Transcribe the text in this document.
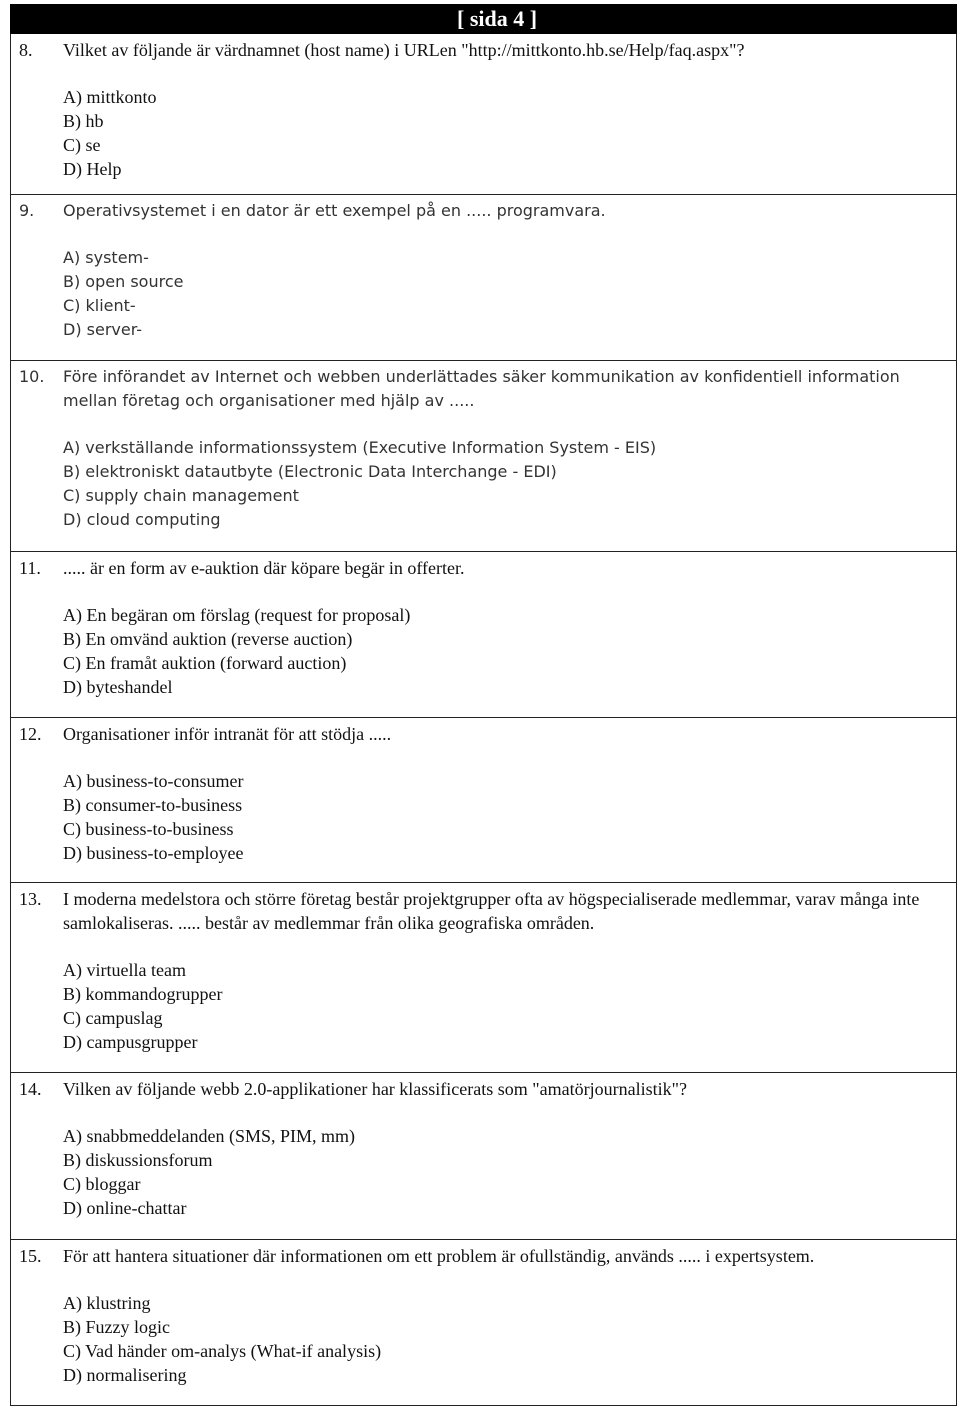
[ sida 4 ]
8. Vilket av följande är värdnamnet (host name) i URLen "http://mittkonto.hb.se/Help/faq.aspx"?

A) mittkonto

B) hb

C) se

D) Help

9. Operativsystemet i en dator är ett exempel på en ..... programvara.

A) system-

B) open source

C) klient-

D) server-

10. Före införandet av Internet och webben underlättades säker kommunikation av konfidentiell information mellan företag och organisationer med hjälp av .....

A) verkställande informationssystem (Executive Information System - EIS)

B) elektroniskt datautbyte (Electronic Data Interchange - EDI)

C) supply chain management

D) cloud computing

11. ..... är en form av e-auktion där köpare begär in offerter.

A) En begäran om förslag (request for proposal)

B) En omvänd auktion (reverse auction)

C) En framåt auktion (forward auction)

D) byteshandel

12. Organisationer inför intranät för att stödja .....

A) business-to-consumer

B) consumer-to-business

C) business-to-business

D) business-to-employee

13. I moderna medelstora och större företag består projektgrupper ofta av högspecialiserade medlemmar, varav många inte samlokaliseras. ..... består av medlemmar från olika geografiska områden.

A) virtuella team

B) kommandogrupper

C) campuslag

D) campusgrupper

14. Vilken av följande webb 2.0-applikationer har klassificerats som "amatörjournalistik"?

A) snabbmeddelanden (SMS, PIM, mm)

B) diskussionsforum

C) bloggar

D) online-chattar

15. För att hantera situationer där informationen om ett problem är ofullständig, används ..... i expertsystem.

A) klustring

B) Fuzzy logic

C) Vad händer om-analys (What-if analysis)

D) normalisering
